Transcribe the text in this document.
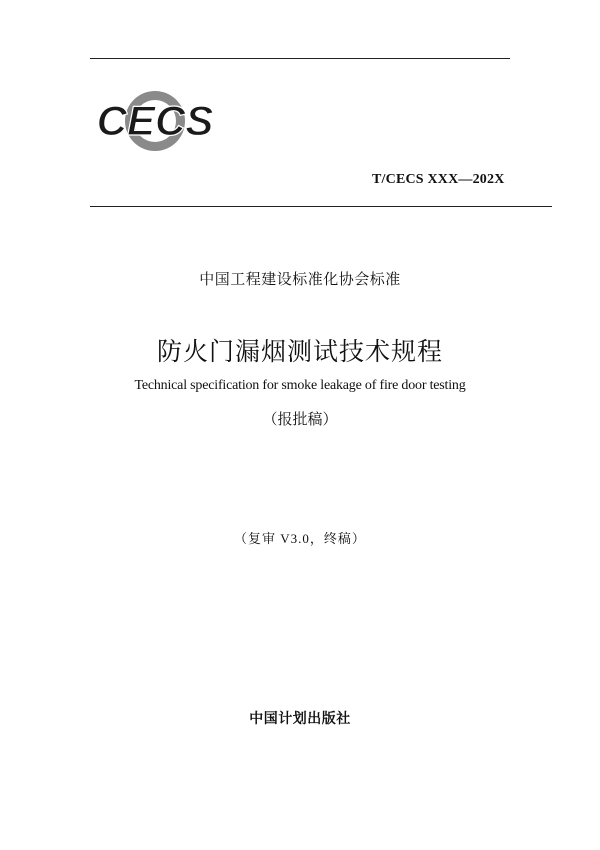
CECS
T/CECS XXX—202X
中国工程建设标准化协会标准
防火门漏烟测试技术规程
Technical specification for smoke leakage of fire door testing
（报批稿）
（复审 V3.0，终稿）
中国计划出版社
